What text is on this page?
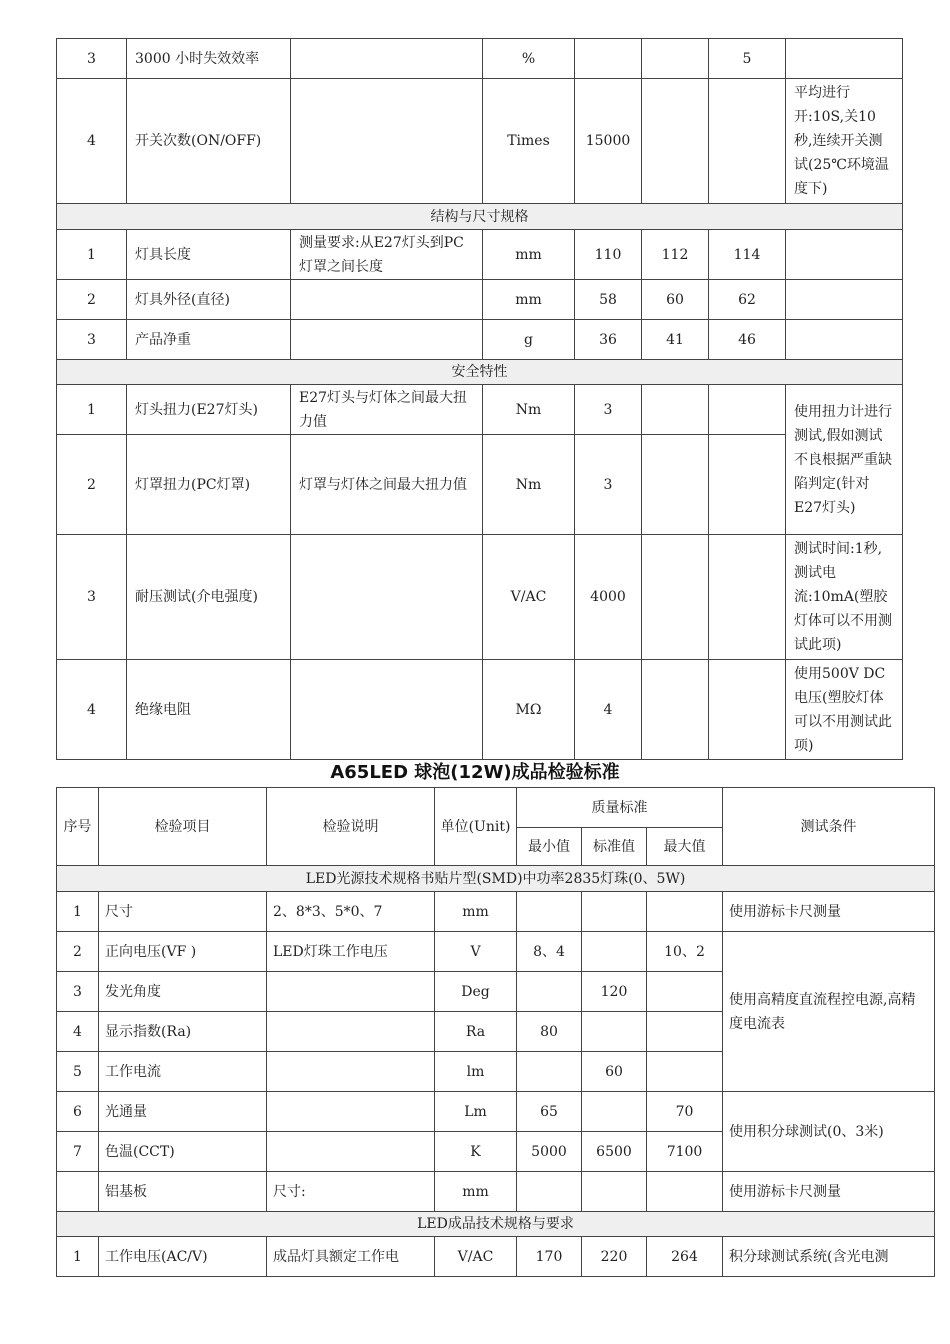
3	3000 小时失效效率		%			5	
4	开关次数(ON/OFF)		Times	15000			平均进行开:10S,关10秒,连续开关测试(25℃环境温度下)
结构与尺寸规格							
1	灯具长度	测量要求:从E27灯头到PC灯罩之间长度	mm	110	112	114	
2	灯具外径(直径)		mm	58	60	62	
3	产品净重		g	36	41	46	
安全特性							
1	灯头扭力(E27灯头)	E27灯头与灯体之间最大扭力值	Nm	3			使用扭力计进行测试,假如测试不良根据严重缺陷判定(针对E27灯头)
2	灯罩扭力(PC灯罩)	灯罩与灯体之间最大扭力值	Nm	3			
3	耐压测试(介电强度)		V/AC	4000			测试时间:1秒,测试电流:10mA(塑胶灯体可以不用测试此项)
4	绝缘电阻		MΩ	4			使用500V DC电压(塑胶灯体可以不用测试此项)
A65LED 球泡(12W)成品检验标准
序号	检验项目	检验说明	单位(Unit)	质量标准			测试条件
				最小值	标准值	最大值	
LED光源技术规格书贴片型(SMD)中功率2835灯珠(0、5W)							
1	尺寸	2、8*3、5*0、7	mm				使用游标卡尺测量
2	正向电压(VF )	LED灯珠工作电压	V	8、4		10、2	使用高精度直流程控电源,高精度电流表
3	发光角度		Deg		120		
4	显示指数(Ra)		Ra	80			
5	工作电流		lm		60		
6	光通量		Lm	65		70	使用积分球测试(0、3米)
7	色温(CCT)		K	5000	6500	7100	
	铝基板	尺寸:	mm				使用游标卡尺测量
LED成品技术规格与要求							
1	工作电压(AC/V)	成品灯具额定工作电	V/AC	170	220	264	积分球测试系统(含光电测
